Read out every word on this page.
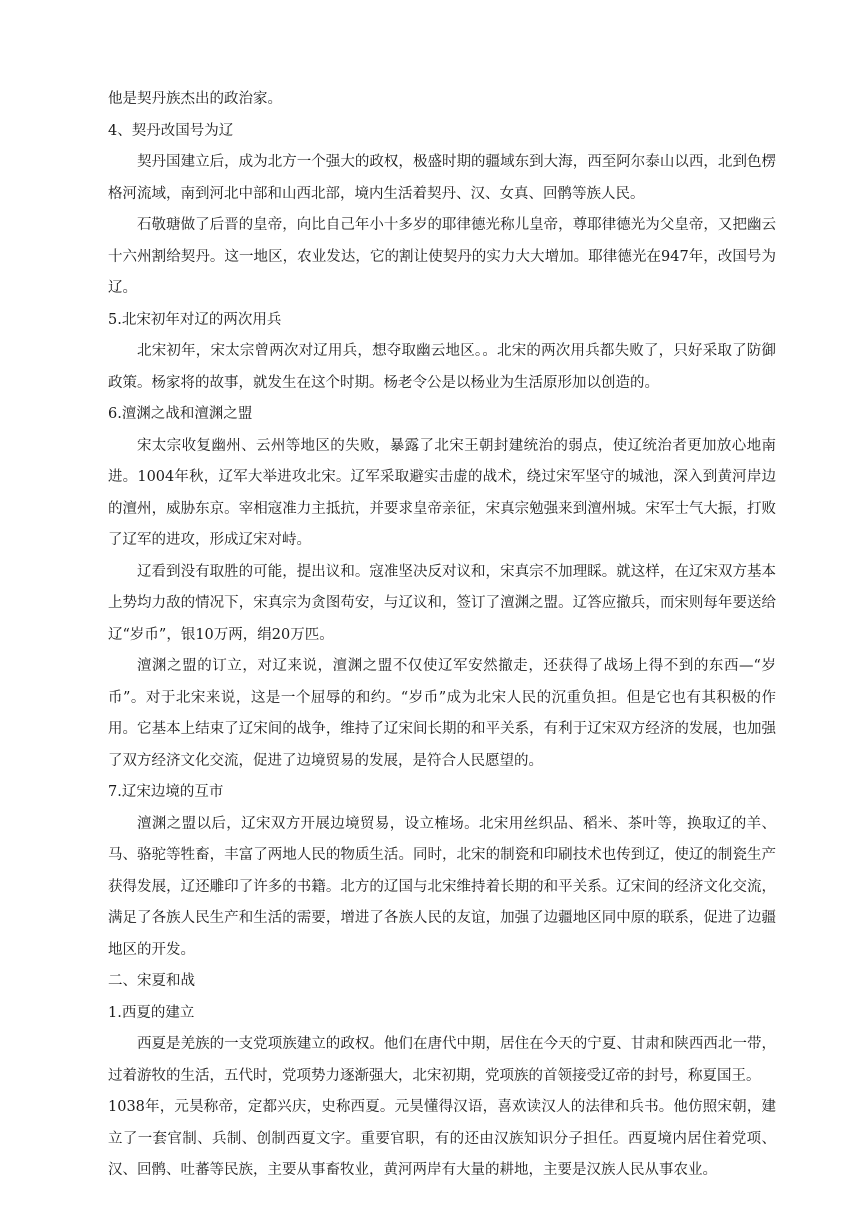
他是契丹族杰出的政治家。

4、契丹改国号为辽

契丹国建立后，成为北方一个强大的政权，极盛时期的疆域东到大海，西至阿尔泰山以西，北到色楞格河流域，南到河北中部和山西北部，境内生活着契丹、汉、女真、回鹘等族人民。

石敬瑭做了后晋的皇帝，向比自己年小十多岁的耶律德光称儿皇帝，尊耶律德光为父皇帝，又把幽云十六州割给契丹。这一地区，农业发达，它的割让使契丹的实力大大增加。耶律德光在947年，改国号为辽。

5.北宋初年对辽的两次用兵

北宋初年，宋太宗曾两次对辽用兵，想夺取幽云地区。。北宋的两次用兵都失败了，只好采取了防御政策。杨家将的故事，就发生在这个时期。杨老令公是以杨业为生活原形加以创造的。

6.澶渊之战和澶渊之盟

宋太宗收复幽州、云州等地区的失败，暴露了北宋王朝封建统治的弱点，使辽统治者更加放心地南进。1004年秋，辽军大举进攻北宋。辽军采取避实击虚的战术，绕过宋军坚守的城池，深入到黄河岸边的澶州，威胁东京。宰相寇准力主抵抗，并要求皇帝亲征，宋真宗勉强来到澶州城。宋军士气大振，打败了辽军的进攻，形成辽宋对峙。

辽看到没有取胜的可能，提出议和。寇准坚决反对议和，宋真宗不加理睬。就这样，在辽宋双方基本上势均力敌的情况下，宋真宗为贪图苟安，与辽议和，签订了澶渊之盟。辽答应撤兵，而宋则每年要送给辽“岁币”，银10万两，绢20万匹。

澶渊之盟的订立，对辽来说，澶渊之盟不仅使辽军安然撤走，还获得了战场上得不到的东西—“岁币”。对于北宋来说，这是一个屈辱的和约。“岁币”成为北宋人民的沉重负担。但是它也有其积极的作用。它基本上结束了辽宋间的战争，维持了辽宋间长期的和平关系，有利于辽宋双方经济的发展，也加强了双方经济文化交流，促进了边境贸易的发展，是符合人民愿望的。

7.辽宋边境的互市

澶渊之盟以后，辽宋双方开展边境贸易，设立榷场。北宋用丝织品、稻米、茶叶等，换取辽的羊、马、骆驼等牲畜，丰富了两地人民的物质生活。同时，北宋的制瓷和印刷技术也传到辽，使辽的制瓷生产获得发展，辽还雕印了许多的书籍。北方的辽国与北宋维持着长期的和平关系。辽宋间的经济文化交流，满足了各族人民生产和生活的需要，增进了各族人民的友谊，加强了边疆地区同中原的联系，促进了边疆地区的开发。

二、宋夏和战

1.西夏的建立

西夏是羌族的一支党项族建立的政权。他们在唐代中期，居住在今天的宁夏、甘肃和陕西西北一带，过着游牧的生活，五代时，党项势力逐渐强大，北宋初期，党项族的首领接受辽帝的封号，称夏国王。

1038年，元昊称帝，定都兴庆，史称西夏。元昊懂得汉语，喜欢读汉人的法律和兵书。他仿照宋朝，建立了一套官制、兵制、创制西夏文字。重要官职，有的还由汉族知识分子担任。西夏境内居住着党项、汉、回鹘、吐蕃等民族，主要从事畜牧业，黄河两岸有大量的耕地，主要是汉族人民从事农业。
